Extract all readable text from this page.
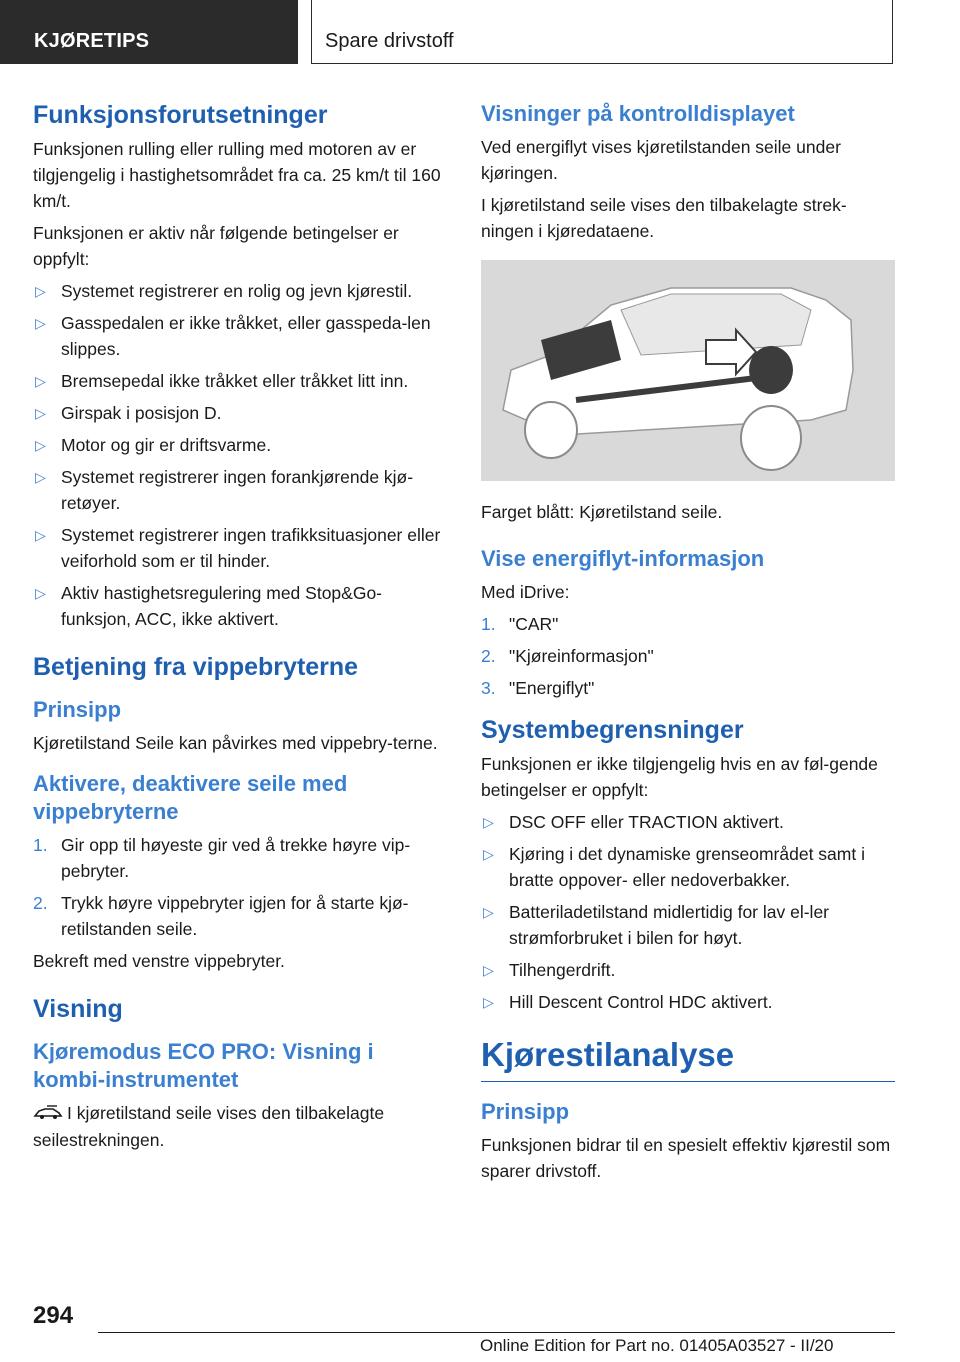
KJØRETIPS	Spare drivstoff
Funksjonsforutsetninger

Funksjonen rulling eller rulling med motoren av er tilgjengelig i hastighetsområdet fra ca. 25 km/t til 160 km/t.

Funksjonen er aktiv når følgende betingelser er oppfylt:

▷ Systemet registrerer en rolig og jevn kjørestil.
▷ Gasspedalen er ikke tråkket, eller gasspeda-len slippes.
▷ Bremsepedal ikke tråkket eller tråkket litt inn.
▷ Girspak i posisjon D.
▷ Motor og gir er driftsvarme.
▷ Systemet registrerer ingen forankjørende kjø-retøyer.
▷ Systemet registrerer ingen trafikksituasjoner eller veiforhold som er til hinder.
▷ Aktiv hastighetsregulering med Stop&Go-funksjon, ACC, ikke aktivert.
Betjening fra vippebryterne
Prinsipp

Kjøretilstand Seile kan påvirkes med vippebry-terne.

Aktivere, deaktivere seile med vippebryterne
1. Gir opp til høyeste gir ved å trekke høyre vip-pebryter.
2. Trykk høyre vippebryter igjen for å starte kjø-retilstanden seile.

Bekreft med venstre vippebryter.

Visning
Kjøremodus ECO PRO: Visning i kombi-instrumentet

I kjøretilstand seile vises den tilbakelagte seilestrekningen.

Visninger på kontrolldisplayet

Ved energiflyt vises kjøretilstanden seile under kjøringen.

I kjøretilstand seile vises den tilbakelagte strek-ningen i kjøredataene.

Farget blått: Kjøretilstand seile.

Vise energiflyt-informasjon

Med iDrive:

1. "CAR"
2. "Kjøreinformasjon"
3. "Energiflyt"
Systembegrensninger

Funksjonen er ikke tilgjengelig hvis en av føl-gende betingelser er oppfylt:

▷ DSC OFF eller TRACTION aktivert.
▷ Kjøring i det dynamiske grenseområdet samt i bratte oppover- eller nedoverbakker.
▷ Batteriladetilstand midlertidig for lav el-ler strømforbruket i bilen for høyt.
▷ Tilhengerdrift.
▷ Hill Descent Control HDC aktivert.
Kjørestilanalyse
Prinsipp

Funksjonen bidrar til en spesielt effektiv kjørestil som sparer drivstoff.

294
Online Edition for Part no. 01405A03527 - II/20
